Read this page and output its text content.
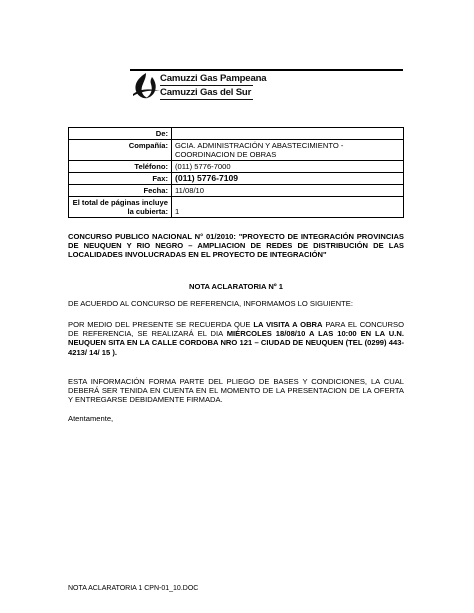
Camuzzi Gas Pampeana
Camuzzi Gas del Sur
De:	
Compañía:	GCIA. ADMINISTRACIÓN Y ABASTECIMIENTO - COORDINACION DE OBRAS
Teléfono:	(011) 5776-7000
Fax:	(011) 5776-7109
Fecha:	11/08/10
El total de páginas incluye la cubierta:	1

CONCURSO PUBLICO NACIONAL N° 01/2010: "PROYECTO DE INTEGRACIÓN PROVINCIAS DE NEUQUEN Y RIO NEGRO – AMPLIACION DE REDES DE DISTRIBUCIÓN DE LAS LOCALIDADES INVOLUCRADAS EN EL PROYECTO DE INTEGRACIÓN"

NOTA ACLARATORIA Nº 1

DE ACUERDO AL CONCURSO DE REFERENCIA, INFORMAMOS LO SIGUIENTE:

POR MEDIO DEL PRESENTE SE RECUERDA QUE LA VISITA A OBRA PARA EL CONCURSO DE REFERENCIA, SE REALIZARÁ EL DIA MIÉRCOLES 18/08/10 A LAS 10:00 EN LA U.N. NEUQUEN SITA EN LA CALLE CORDOBA NRO 121 – CIUDAD DE NEUQUEN (TEL (0299) 443-4213/ 14/ 15 ).

ESTA INFORMACIÓN FORMA PARTE DEL PLIEGO DE BASES Y CONDICIONES, LA CUAL DEBERÁ SER TENIDA EN CUENTA EN EL MOMENTO DE LA PRESENTACION DE LA OFERTA Y ENTREGARSE DEBIDAMENTE FIRMADA.

Atentamente,

NOTA ACLARATORIA 1 CPN-01_10.DOC
